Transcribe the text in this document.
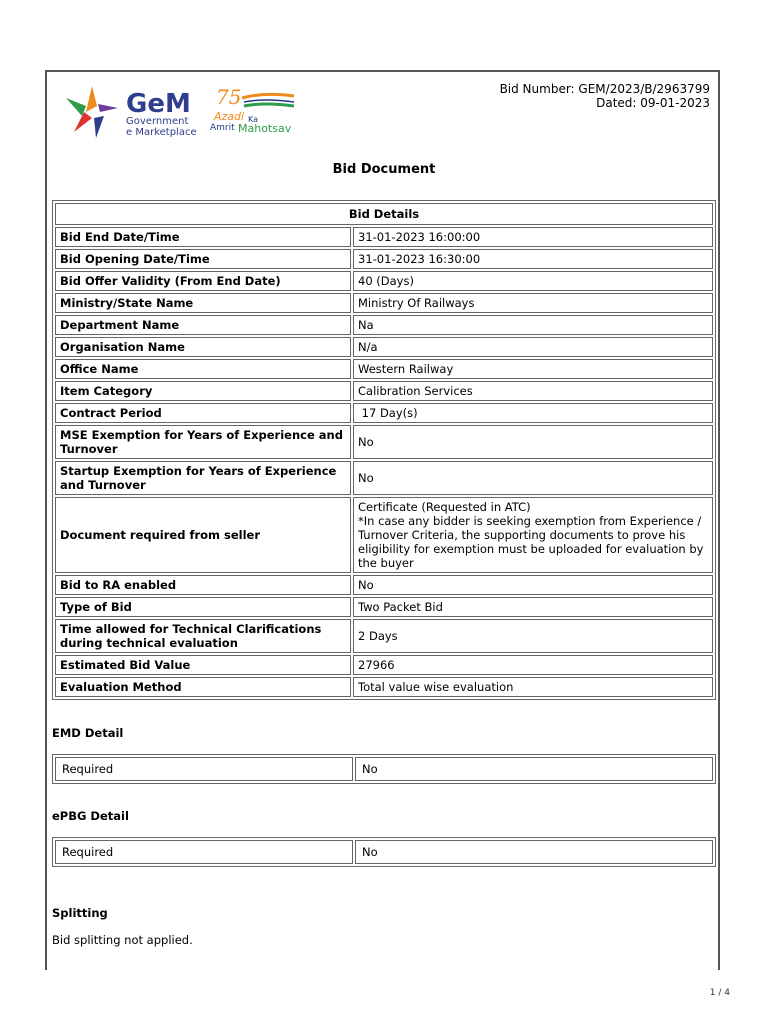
GeM
Government
e Marketplace
75
Azadi Ka
Amrit Mahotsav
Bid Number: GEM/2023/B/2963799
Dated: 09-01-2023
Bid Document
Bid Details	
Bid End Date/Time	31-01-2023 16:00:00
Bid Opening Date/Time	31-01-2023 16:30:00
Bid Offer Validity (From End Date)	40 (Days)
Ministry/State Name	Ministry Of Railways
Department Name	Na
Organisation Name	N/a
Office Name	Western Railway
Item Category	Calibration Services
Contract Period	17 Day(s)
MSE Exemption for Years of Experience and Turnover	No
Startup Exemption for Years of Experience and Turnover	No
Document required from seller	Certificate (Requested in ATC)
*In case any bidder is seeking exemption from Experience / Turnover Criteria, the supporting documents to prove his eligibility for exemption must be uploaded for evaluation by the buyer

Bid to RA enabled	No
Type of Bid	Two Packet Bid
Time allowed for Technical Clarifications during technical evaluation	2 Days
Estimated Bid Value	27966
Evaluation Method	Total value wise evaluation
EMD Detail
Required	No
ePBG Detail
Required	No
Splitting
Bid splitting not applied.
1 / 4
